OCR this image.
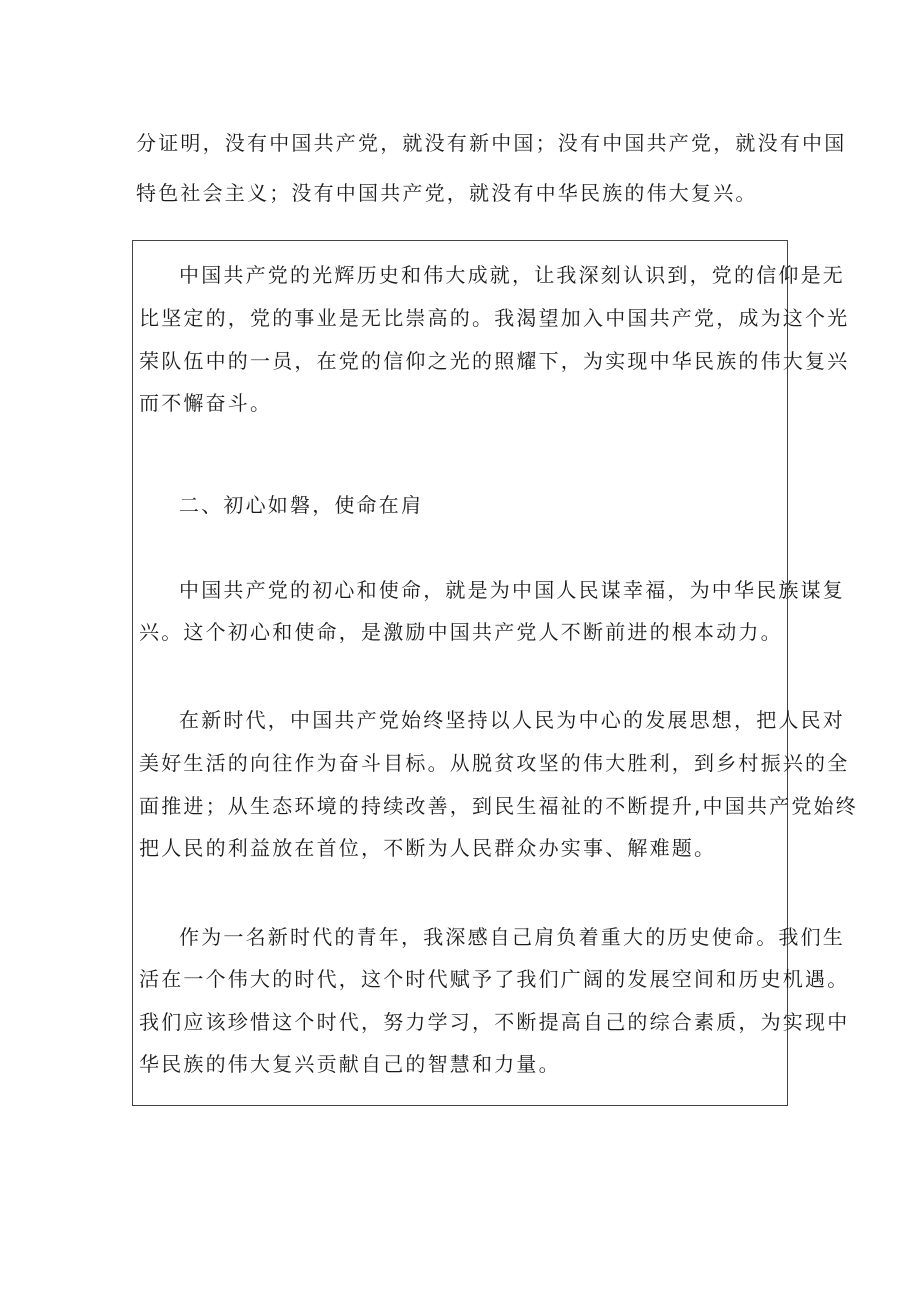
分证明，没有中国共产党，就没有新中国；没有中国共产党，就没有中国

特色社会主义；没有中国共产党，就没有中华民族的伟大复兴。

中国共产党的光辉历史和伟大成就，让我深刻认识到，党的信仰是无
比坚定的，党的事业是无比崇高的。我渴望加入中国共产党，成为这个光
荣队伍中的一员，在党的信仰之光的照耀下，为实现中华民族的伟大复兴
而不懈奋斗。
二、初心如磐，使命在肩
中国共产党的初心和使命，就是为中国人民谋幸福，为中华民族谋复
兴。这个初心和使命，是激励中国共产党人不断前进的根本动力。
在新时代，中国共产党始终坚持以人民为中心的发展思想，把人民对
美好生活的向往作为奋斗目标。从脱贫攻坚的伟大胜利，到乡村振兴的全
面推进；从生态环境的持续改善，到民生福祉的不断提升,中国共产党始终
把人民的利益放在首位，不断为人民群众办实事、解难题。
作为一名新时代的青年，我深感自己肩负着重大的历史使命。我们生
活在一个伟大的时代，这个时代赋予了我们广阔的发展空间和历史机遇。
我们应该珍惜这个时代，努力学习，不断提高自己的综合素质，为实现中
华民族的伟大复兴贡献自己的智慧和力量。
